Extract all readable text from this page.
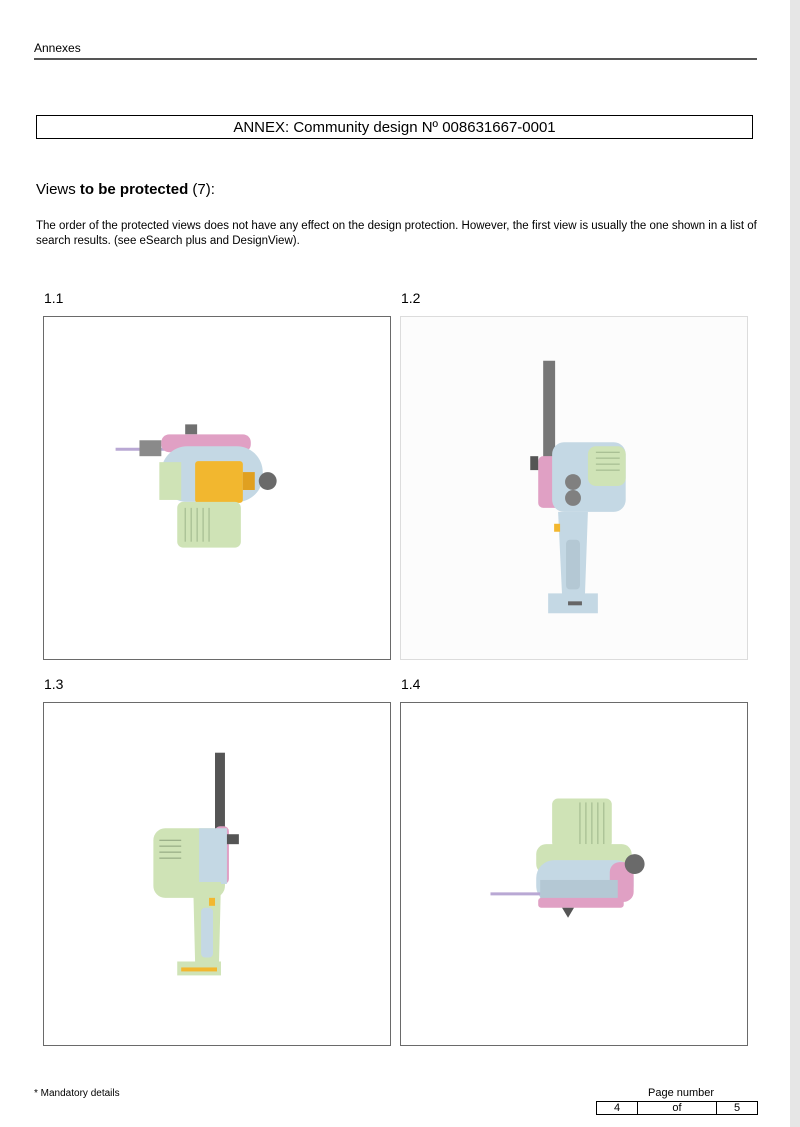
Annexes
ANNEX: Community design Nº 008631667-0001
Views to be protected (7):
The order of the protected views does not have any effect on the design protection. However, the first view is usually the one shown in a list of search results. (see eSearch plus and DesignView).
1.1	1.2
1.3	1.4
* Mandatory details	Page number
4	of	5
